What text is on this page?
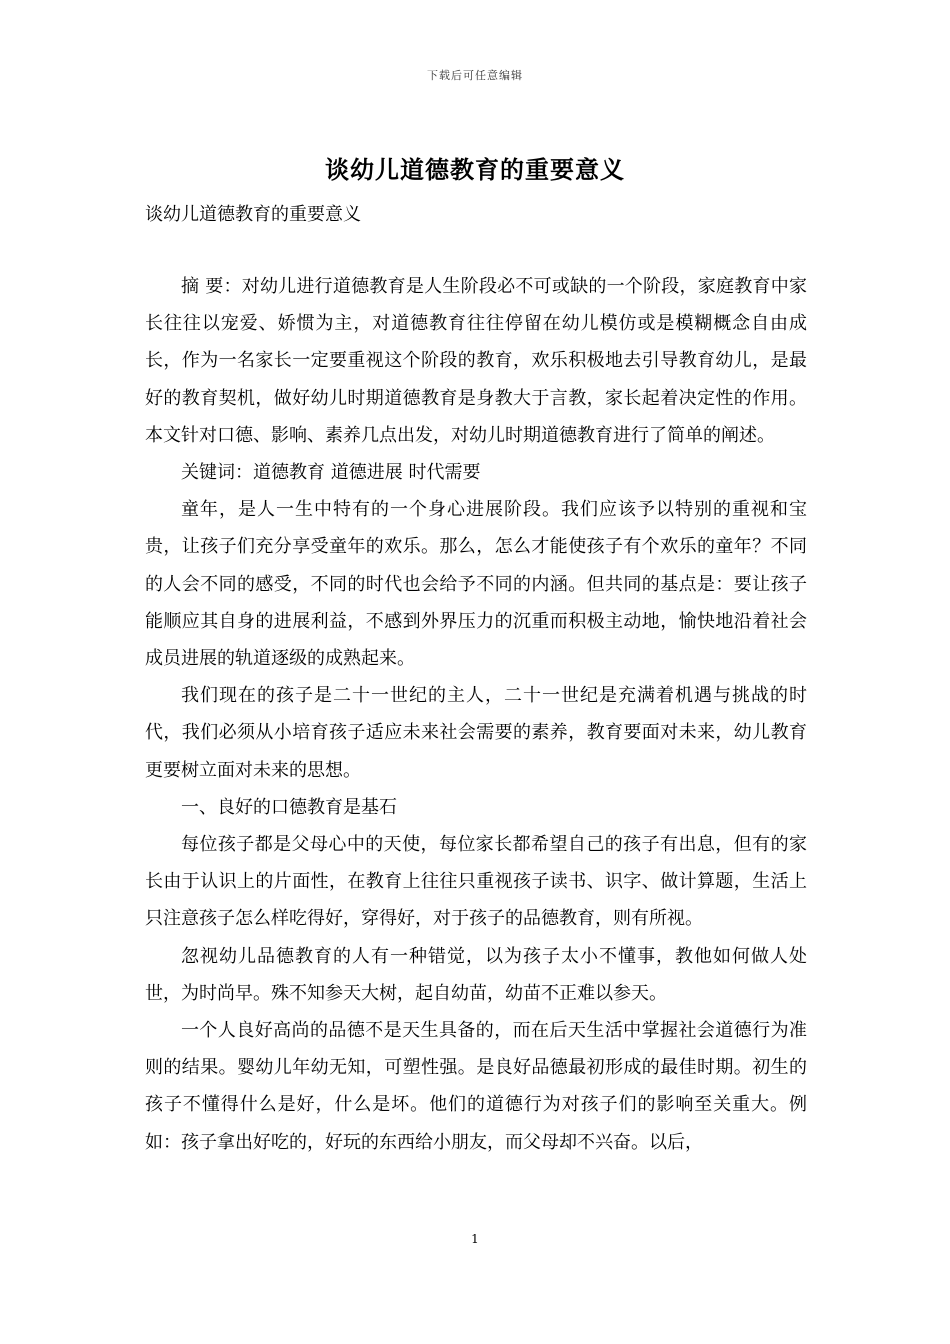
下载后可任意编辑
谈幼儿道德教育的重要意义
谈幼儿道德教育的重要意义

摘 要：对幼儿进行道德教育是人生阶段必不可或缺的一个阶段，家庭教育中家长往往以宠爱、娇惯为主，对道德教育往往停留在幼儿模仿或是模糊概念自由成长，作为一名家长一定要重视这个阶段的教育，欢乐积极地去引导教育幼儿，是最好的教育契机，做好幼儿时期道德教育是身教大于言教，家长起着决定性的作用。本文针对口德、影响、素养几点出发，对幼儿时期道德教育进行了简单的阐述。

关键词：道德教育 道德进展 时代需要

童年，是人一生中特有的一个身心进展阶段。我们应该予以特别的重视和宝贵，让孩子们充分享受童年的欢乐。那么，怎么才能使孩子有个欢乐的童年？不同的人会不同的感受，不同的时代也会给予不同的内涵。但共同的基点是：要让孩子能顺应其自身的进展利益，不感到外界压力的沉重而积极主动地，愉快地沿着社会成员进展的轨道逐级的成熟起来。

我们现在的孩子是二十一世纪的主人，二十一世纪是充满着机遇与挑战的时代，我们必须从小培育孩子适应未来社会需要的素养，教育要面对未来，幼儿教育更要树立面对未来的思想。

一、良好的口德教育是基石

每位孩子都是父母心中的天使，每位家长都希望自己的孩子有出息，但有的家长由于认识上的片面性，在教育上往往只重视孩子读书、识字、做计算题，生活上只注意孩子怎么样吃得好，穿得好，对于孩子的品德教育，则有所视。

忽视幼儿品德教育的人有一种错觉，以为孩子太小不懂事，教他如何做人处世，为时尚早。殊不知参天大树，起自幼苗，幼苗不正难以参天。

一个人良好高尚的品德不是天生具备的，而在后天生活中掌握社会道德行为准则的结果。婴幼儿年幼无知，可塑性强。是良好品德最初形成的最佳时期。初生的孩子不懂得什么是好，什么是坏。他们的道德行为对孩子们的影响至关重大。例如：孩子拿出好吃的，好玩的东西给小朋友，而父母却不兴奋。以后，

1
